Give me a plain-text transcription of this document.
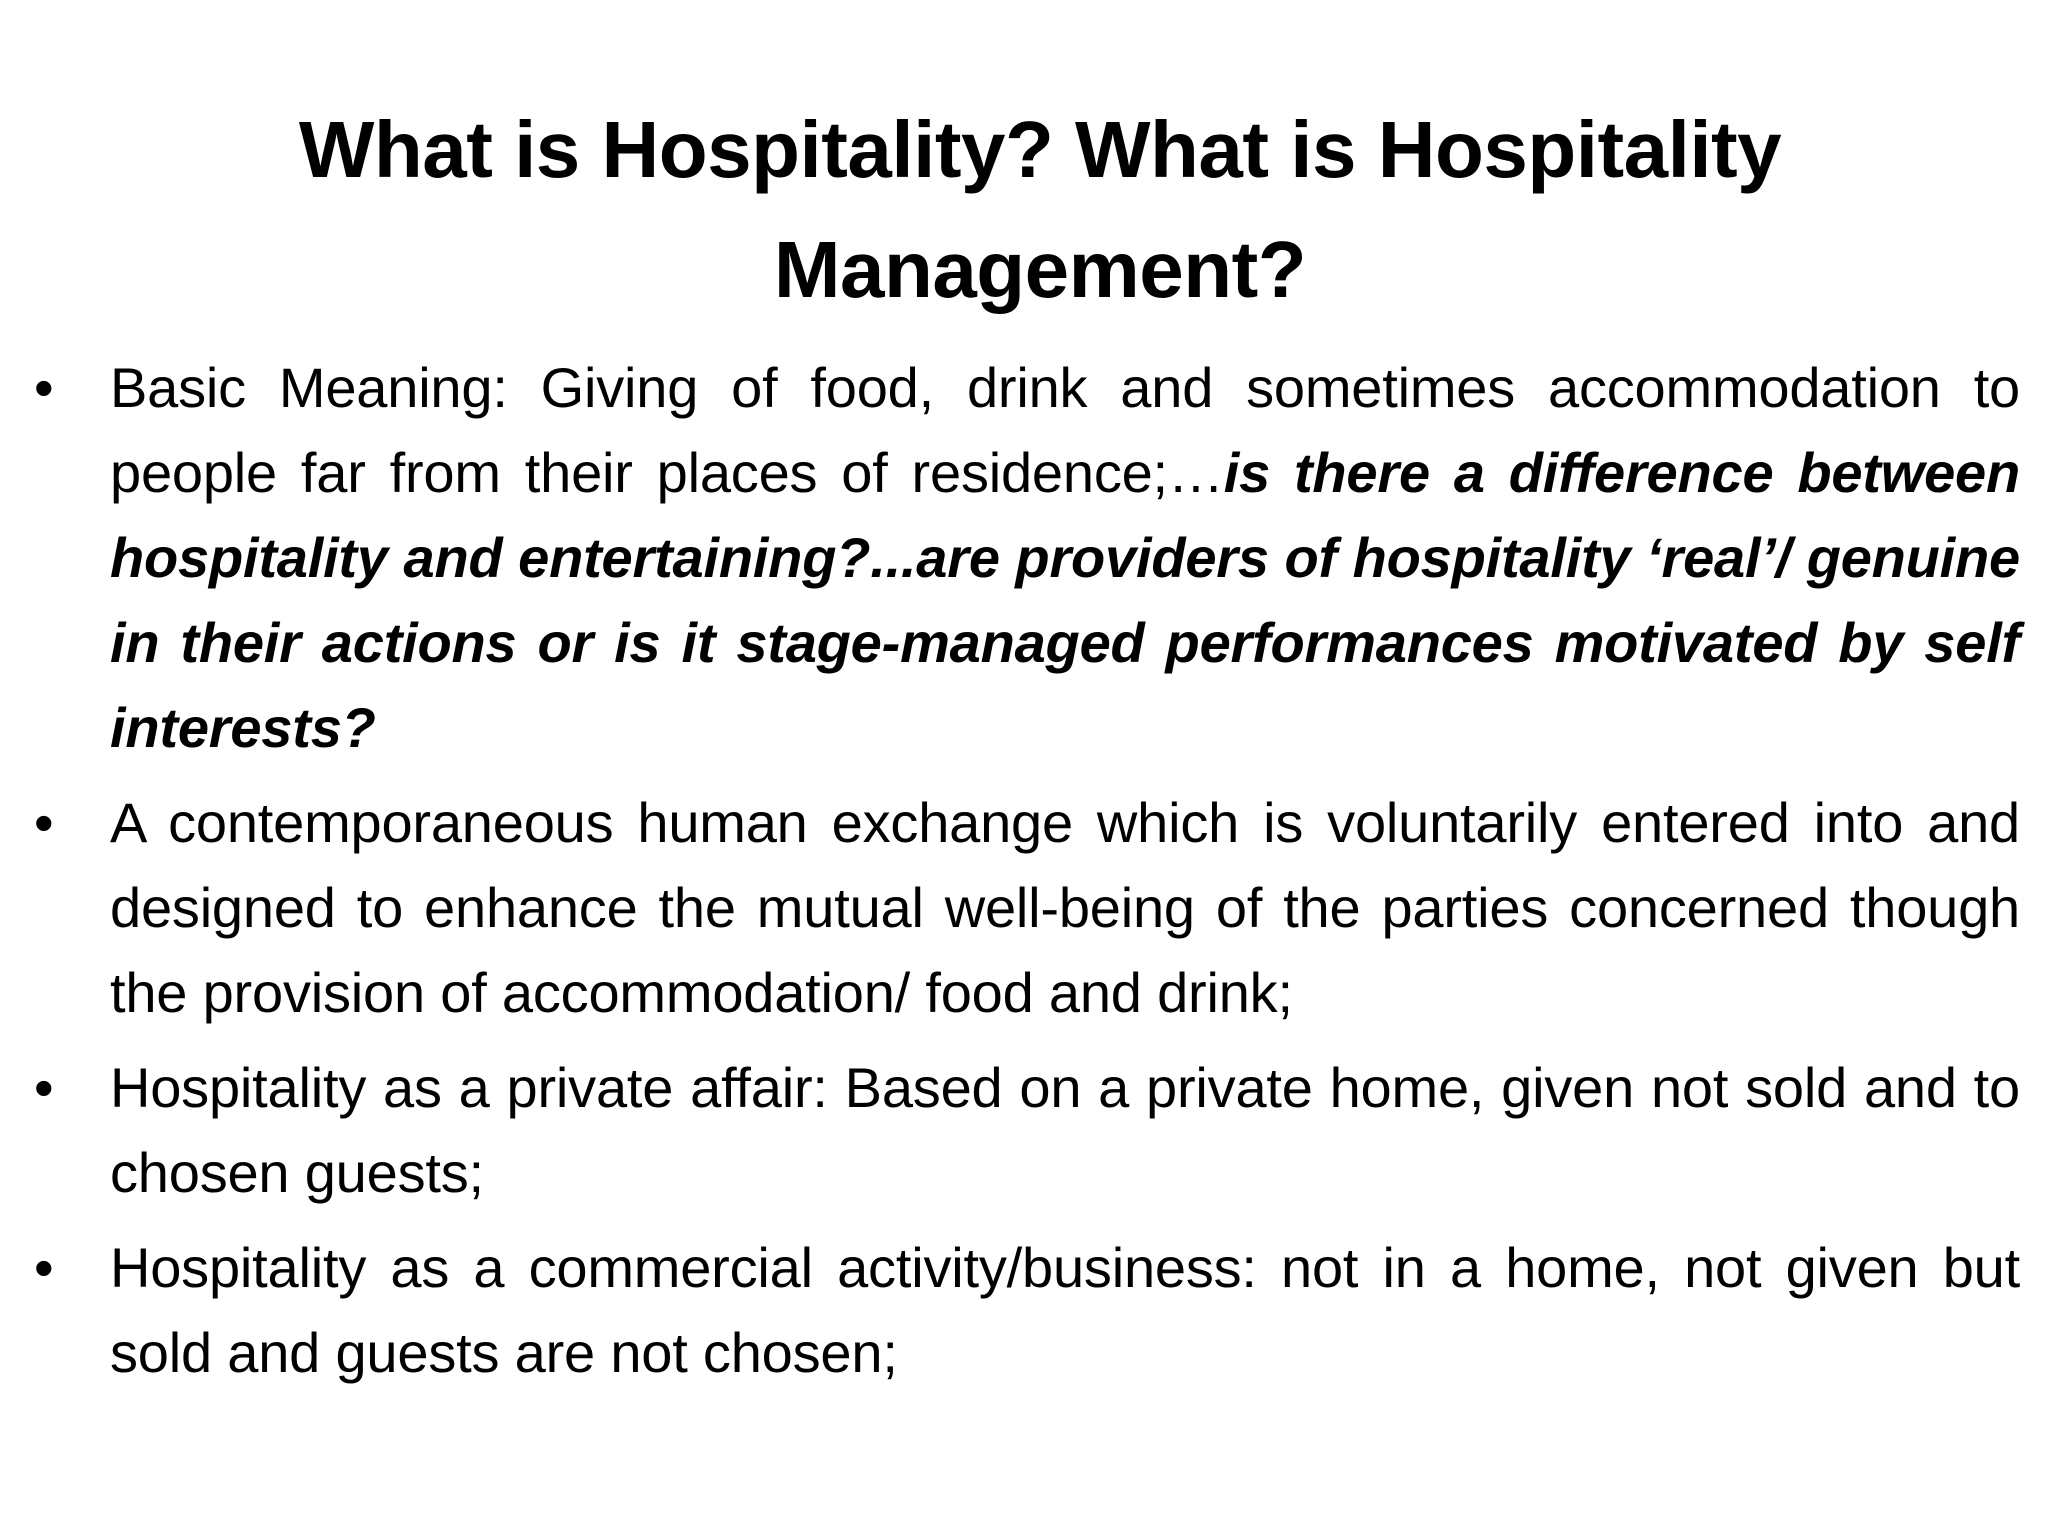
What is Hospitality? What is Hospitality Management?
• Basic Meaning: Giving of food, drink and sometimes accommodation to people far from their places of residence;…is there a difference between hospitality and entertaining?...are providers of hospitality ‘real’/ genuine in their actions or is it stage-managed performances motivated by self interests?
• A contemporaneous human exchange which is voluntarily entered into and designed to enhance the mutual well-being of the parties concerned though the provision of accommodation/ food and drink;
• Hospitality as a private affair: Based on a private home, given not sold and to chosen guests;
• Hospitality as a commercial activity/business: not in a home, not given but sold and guests are not chosen;
